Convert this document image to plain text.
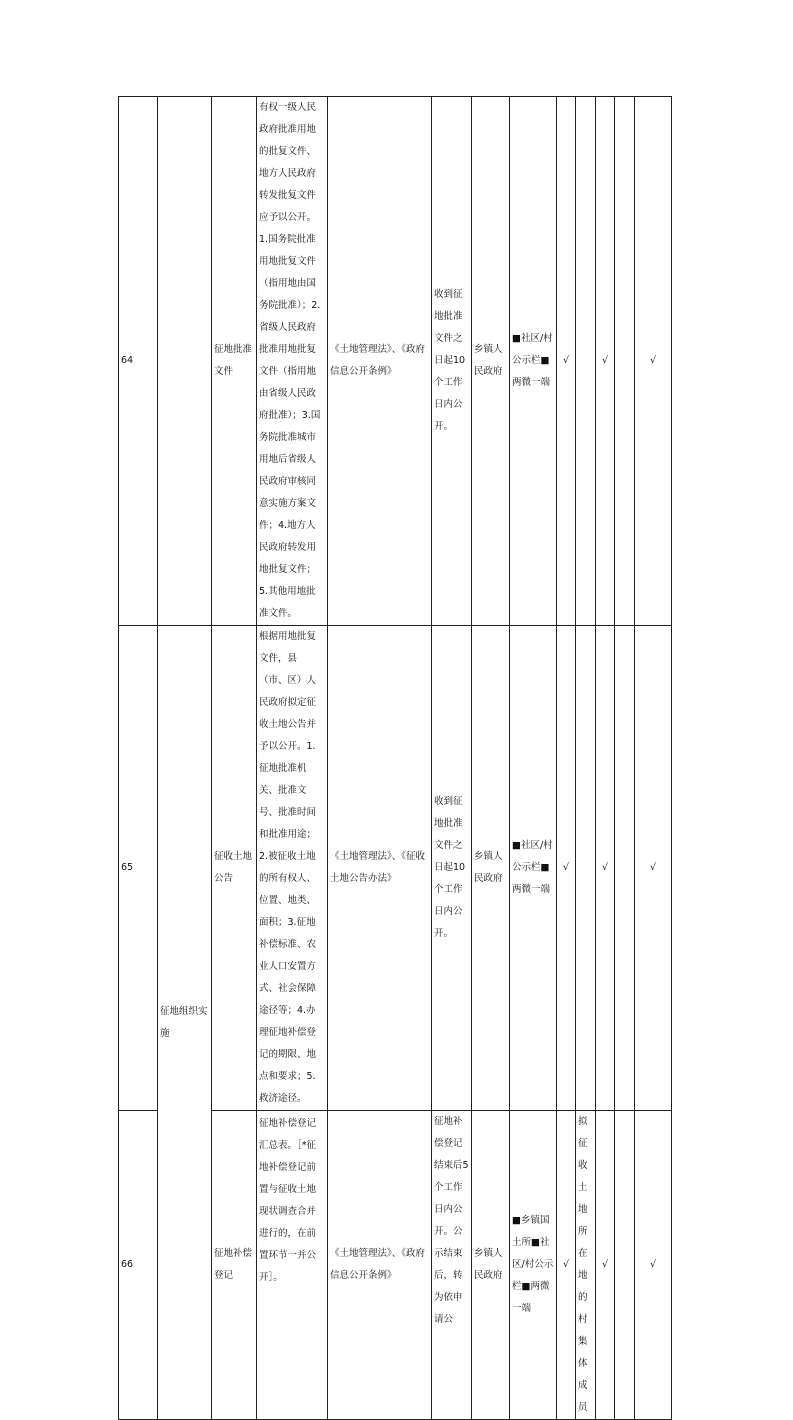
64		征地批准文件	有权一级人民政府批准用地的批复文件、地方人民政府转发批复文件应予以公开。1.国务院批准用地批复文件（指用地由国务院批准）；2.省级人民政府批准用地批复文件（指用地由省级人民政府批准）；3.国务院批准城市用地后省级人民政府审核同意实施方案文件；4.地方人民政府转发用地批复文件；5.其他用地批准文件。	《土地管理法》、《政府信息公开条例》	收到征地批准文件之日起10个工作日内公开。	乡镇人民政府	■社区/村公示栏■两微一端	√		√		√
65	征地组织实施	征收土地公告	根据用地批复文件，县（市、区）人民政府拟定征收土地公告并予以公开。1.征地批准机关、批准文号、批准时间和批准用途；2.被征收土地的所有权人、位置、地类、面积；3.征地补偿标准、农业人口安置方式、社会保障途径等；4.办理征地补偿登记的期限、地点和要求；5.救济途径。	《土地管理法》、《征收土地公告办法》	收到征地批准文件之日起10个工作日内公开。	乡镇人民政府	■社区/村公示栏■两微一端	√		√		√
66		征地补偿登记	征地补偿登记汇总表。［*征地补偿登记前置与征收土地现状调查合并进行的，在前置环节一并公开］。	《土地管理法》、《政府信息公开条例》	征地补偿登记结束后5个工作日内公开。公示结束后，转为依申请公	乡镇人民政府	■乡镇国土所■社区/村公示栏■两微一端	√	拟征收土地所在地的村集体成员	√		√
